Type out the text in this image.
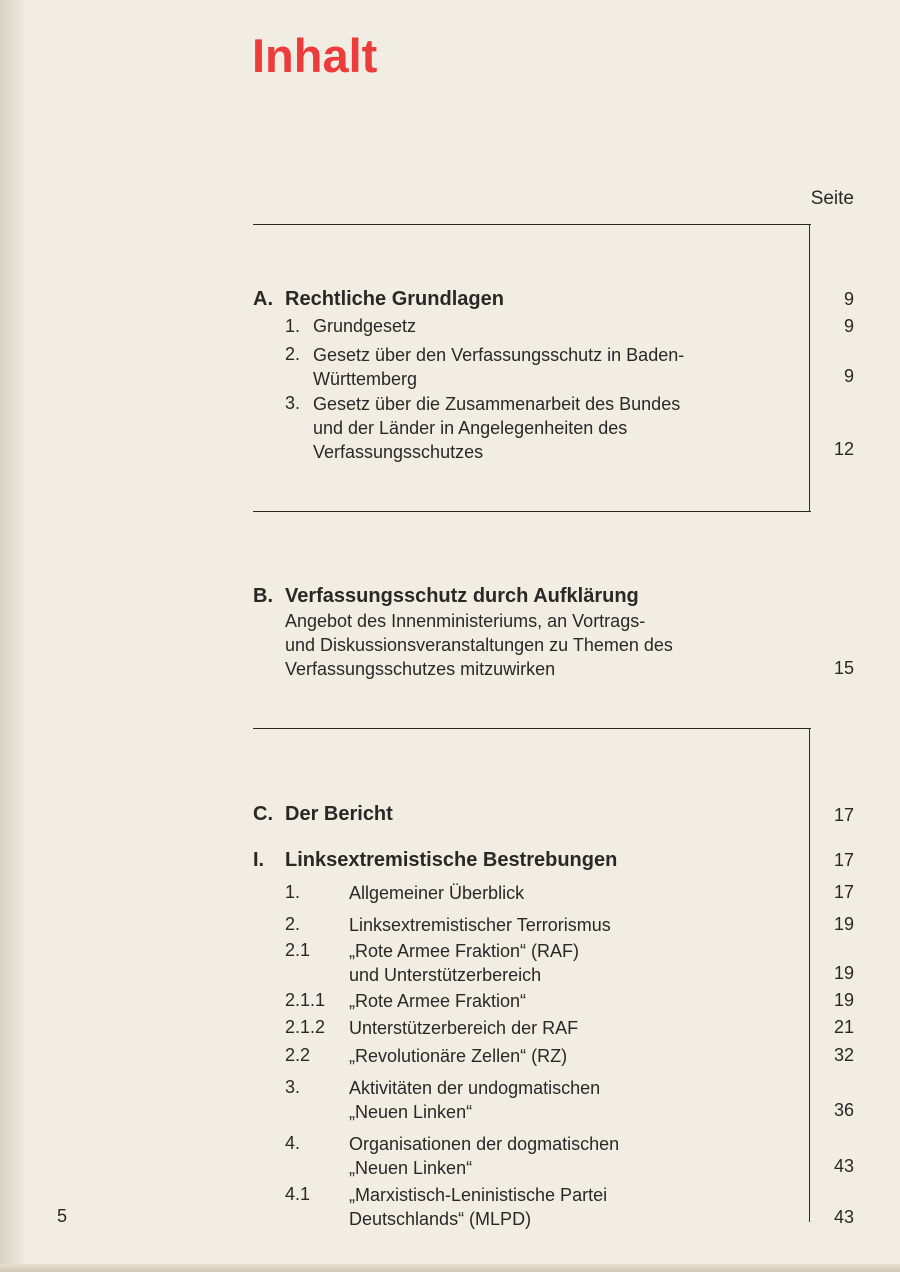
Inhalt
Seite
A. Rechtliche Grundlagen	9
1. Grundgesetz	9
2. Gesetz über den Verfassungsschutz in Baden-
Württemberg	9
3. Gesetz über die Zusammenarbeit des Bundes
und der Länder in Angelegenheiten des
Verfassungsschutzes	12
B. Verfassungsschutz durch Aufklärung
Angebot des Innenministeriums, an Vortrags-
und Diskussionsveranstaltungen zu Themen des
Verfassungsschutzes mitzuwirken	15
C. Der Bericht	17
I. Linksextremistische Bestrebungen	17
1.	Allgemeiner Überblick	17
2.	Linksextremistischer Terrorismus	19
2.1 „Rote Armee Fraktion“ (RAF)
und Unterstützerbereich	19
2.1.1 „Rote Armee Fraktion“	19
2.1.2 Unterstützerbereich der RAF	21
2.2 „Revolutionäre Zellen“ (RZ)	32
3.	Aktivitäten der undogmatischen
„Neuen Linken“	36
4.	Organisationen der dogmatischen
„Neuen Linken“	43
4.1 „Marxistisch-Leninistische Partei
Deutschlands“ (MLPD)	43
5
